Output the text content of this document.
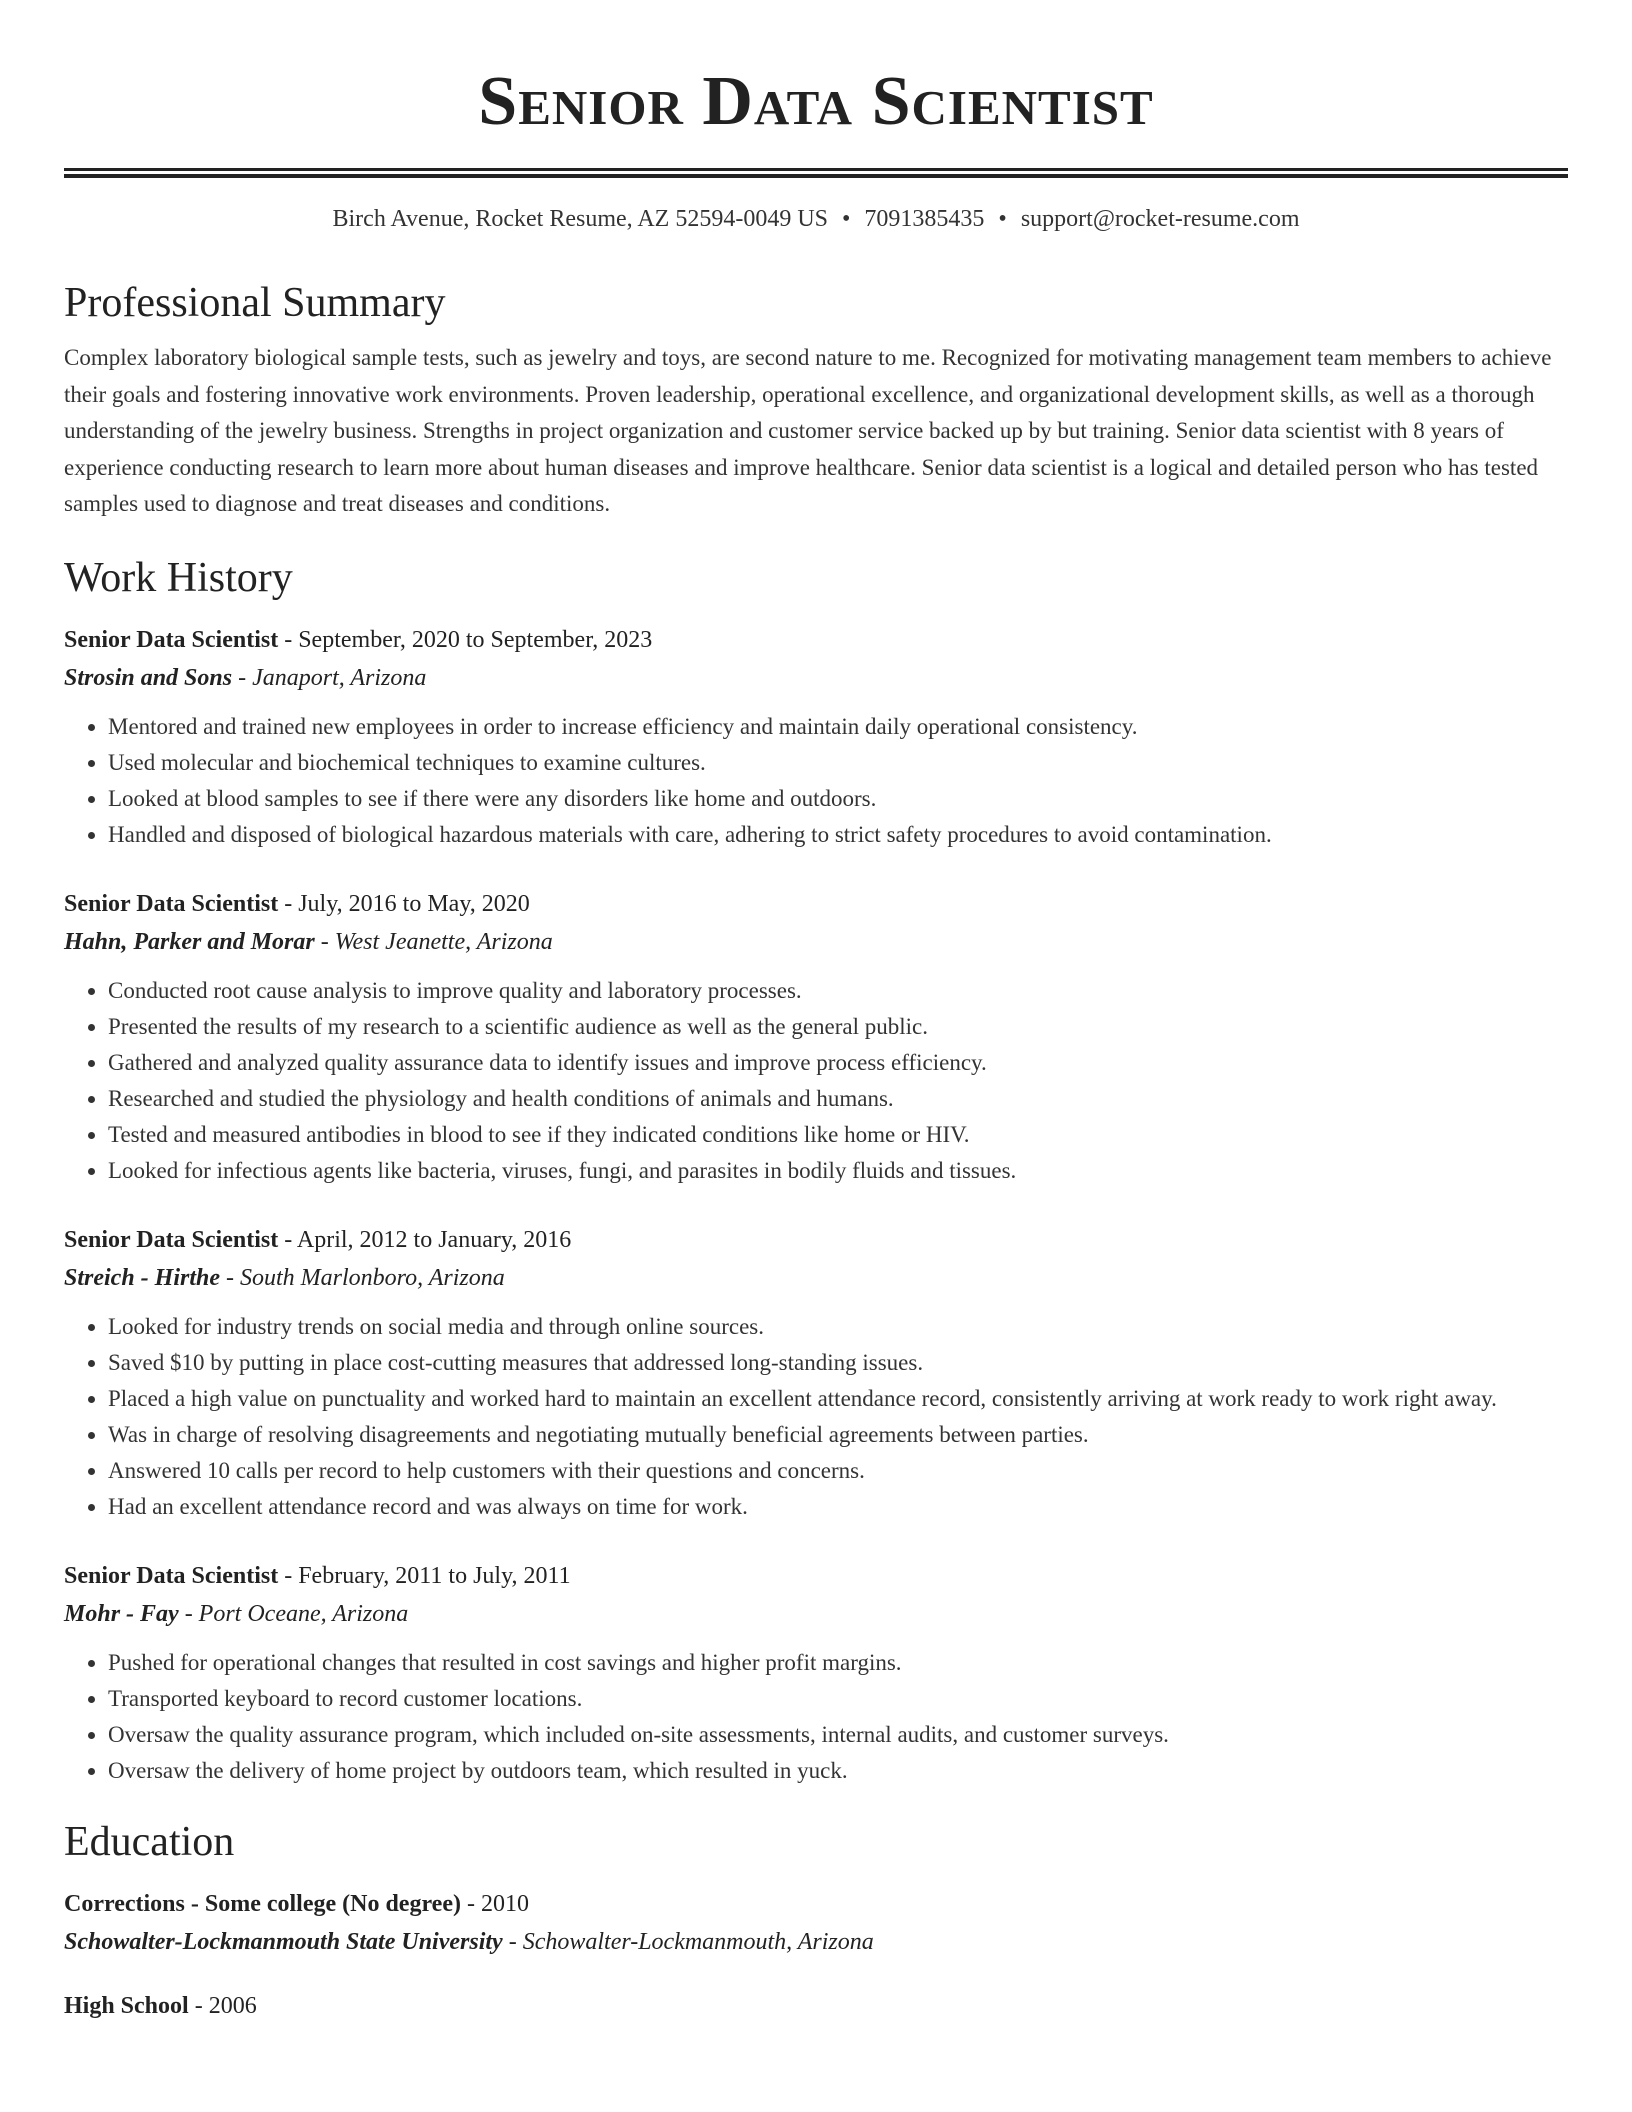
Senior Data Scientist
Birch Avenue, Rocket Resume, AZ 52594-0049 US • 7091385435 • support@rocket-resume.com
Professional Summary

Complex laboratory biological sample tests, such as jewelry and toys, are second nature to me. Recognized for motivating management team members to achieve their goals and fostering innovative work environments. Proven leadership, operational excellence, and organizational development skills, as well as a thorough understanding of the jewelry business. Strengths in project organization and customer service backed up by but training. Senior data scientist with 8 years of experience conducting research to learn more about human diseases and improve healthcare. Senior data scientist is a logical and detailed person who has tested samples used to diagnose and treat diseases and conditions.

Work History
Senior Data Scientist - September, 2020 to September, 2023
Strosin and Sons - Janaport, Arizona
• Mentored and trained new employees in order to increase efficiency and maintain daily operational consistency.
• Used molecular and biochemical techniques to examine cultures.
• Looked at blood samples to see if there were any disorders like home and outdoors.
• Handled and disposed of biological hazardous materials with care, adhering to strict safety procedures to avoid contamination.
Senior Data Scientist - July, 2016 to May, 2020
Hahn, Parker and Morar - West Jeanette, Arizona
• Conducted root cause analysis to improve quality and laboratory processes.
• Presented the results of my research to a scientific audience as well as the general public.
• Gathered and analyzed quality assurance data to identify issues and improve process efficiency.
• Researched and studied the physiology and health conditions of animals and humans.
• Tested and measured antibodies in blood to see if they indicated conditions like home or HIV.
• Looked for infectious agents like bacteria, viruses, fungi, and parasites in bodily fluids and tissues.
Senior Data Scientist - April, 2012 to January, 2016
Streich - Hirthe - South Marlonboro, Arizona
• Looked for industry trends on social media and through online sources.
• Saved $10 by putting in place cost-cutting measures that addressed long-standing issues.
• Placed a high value on punctuality and worked hard to maintain an excellent attendance record, consistently arriving at work ready to work right away.
• Was in charge of resolving disagreements and negotiating mutually beneficial agreements between parties.
• Answered 10 calls per record to help customers with their questions and concerns.
• Had an excellent attendance record and was always on time for work.
Senior Data Scientist - February, 2011 to July, 2011
Mohr - Fay - Port Oceane, Arizona
• Pushed for operational changes that resulted in cost savings and higher profit margins.
• Transported keyboard to record customer locations.
• Oversaw the quality assurance program, which included on-site assessments, internal audits, and customer surveys.
• Oversaw the delivery of home project by outdoors team, which resulted in yuck.
Education
Corrections - Some college (No degree) - 2010
Schowalter-Lockmanmouth State University - Schowalter-Lockmanmouth, Arizona
High School - 2006
